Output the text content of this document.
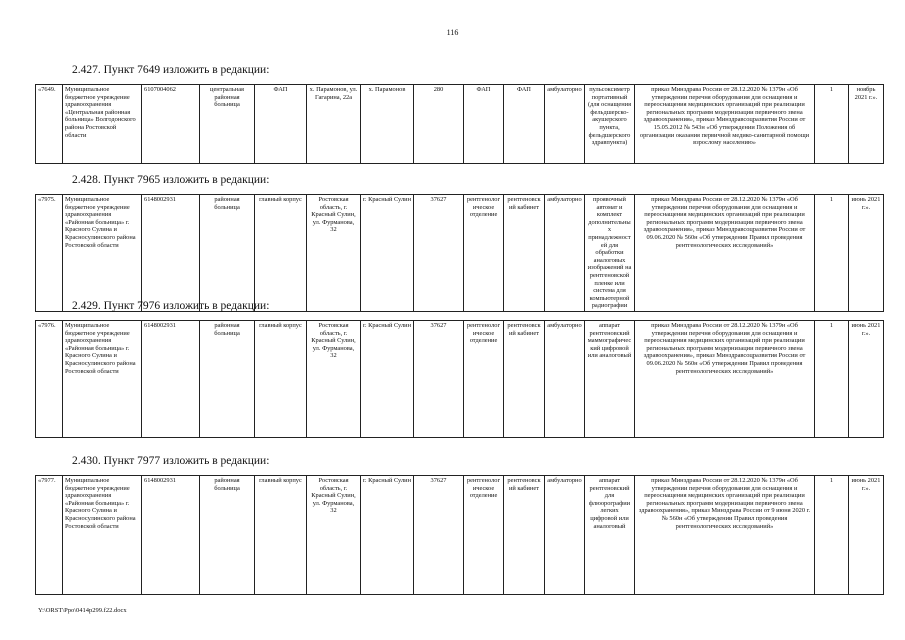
116
2.427. Пункт 7649 изложить в редакции:
«7649.	Муниципальное бюджетное учреждение здравоохранения «Центральная районная больница» Волгодонского района Ростовской области	6107004062	центральная районная больница	ФАП	х. Парамонов, ул. Гагарина, 22а	х. Парамонов	280	ФАП	ФАП	амбулаторно	пульсоксиметр портативный (для оснащения фельдшерско-акушерского пункта, фельдшерского здравпункта)	приказ Минздрава России от 28.12.2020 № 1379н «Об утверждении перечня оборудования для оснащения и переоснащения медицинских организаций при реализации региональных программ модернизации первичного звена здравоохранения», приказ Минздравсоцразвития России от 15.05.2012 № 543н «Об утверждении Положения об организации оказания первичной медико-санитарной помощи взрослому населению»	1	ноябрь 2021 г.».
2.428. Пункт 7965 изложить в редакции:
«7975.	Муниципальное бюджетное учреждение здравоохранения «Районная больница» г. Красного Сулина и Красносулинского района Ростовской области	6148002931	районная больница	главный корпус	Ростовская область, г. Красный Сулин, ул. Фурманова, 32	г. Красный Сулин	37627	рентгенологическое отделение	рентгеновский кабинет	амбулаторно	проявочный автомат и комплект дополнительных принадлежностей для обработки аналоговых изображений на рентгеновской пленке или система для компьютерной радиографии	приказ Минздрава России от 28.12.2020 № 1379н «Об утверждении перечня оборудования для оснащения и переоснащения медицинских организаций при реализации региональных программ модернизации первичного звена здравоохранения», приказ Минздравсоцразвития России от 09.06.2020 № 560н «Об утверждении Правил проведения рентгенологических исследований»	1	июнь 2021 г.».
2.429. Пункт 7976 изложить в редакции:
«7976.	Муниципальное бюджетное учреждение здравоохранения «Районная больница» г. Красного Сулина и Красносулинского района Ростовской области	6148002931	районная больница	главный корпус	Ростовская область, г. Красный Сулин, ул. Фурманова, 32	г. Красный Сулин	37627	рентгенологическое отделение	рентгеновский кабинет	амбулаторно	аппарат рентгеновский маммографический цифровой или аналоговый	приказ Минздрава России от 28.12.2020 № 1379н «Об утверждении перечня оборудования для оснащения и переоснащения медицинских организаций при реализации региональных программ модернизации первичного звена здравоохранения», приказ Минздравсоцразвития России от 09.06.2020 № 560н «Об утверждении Правил проведения рентгенологических исследований»	1	июнь 2021 г.».
2.430. Пункт 7977 изложить в редакции:
«7977.	Муниципальное бюджетное учреждение здравоохранения «Районная больница» г. Красного Сулина и Красносулинского района Ростовской области	6148002931	районная больница	главный корпус	Ростовская область, г. Красный Сулин, ул. Фурманова, 32	г. Красный Сулин	37627	рентгенологическое отделение	рентгеновский кабинет	амбулаторно	аппарат рентгеновский для флюорографии легких цифровой или аналоговый	приказ Минздрава России от 28.12.2020 № 1379н «Об утверждении перечня оборудования для оснащения и переоснащения медицинских организаций при реализации региональных программ модернизации первичного звена здравоохранения», приказ Минздрава России от 9 июня 2020 г. № 560н «Об утверждении Правил проведения рентгенологических исследований»	1	июнь 2021 г.».
Y:\ORST\Ppo\0414p299.f22.docx
